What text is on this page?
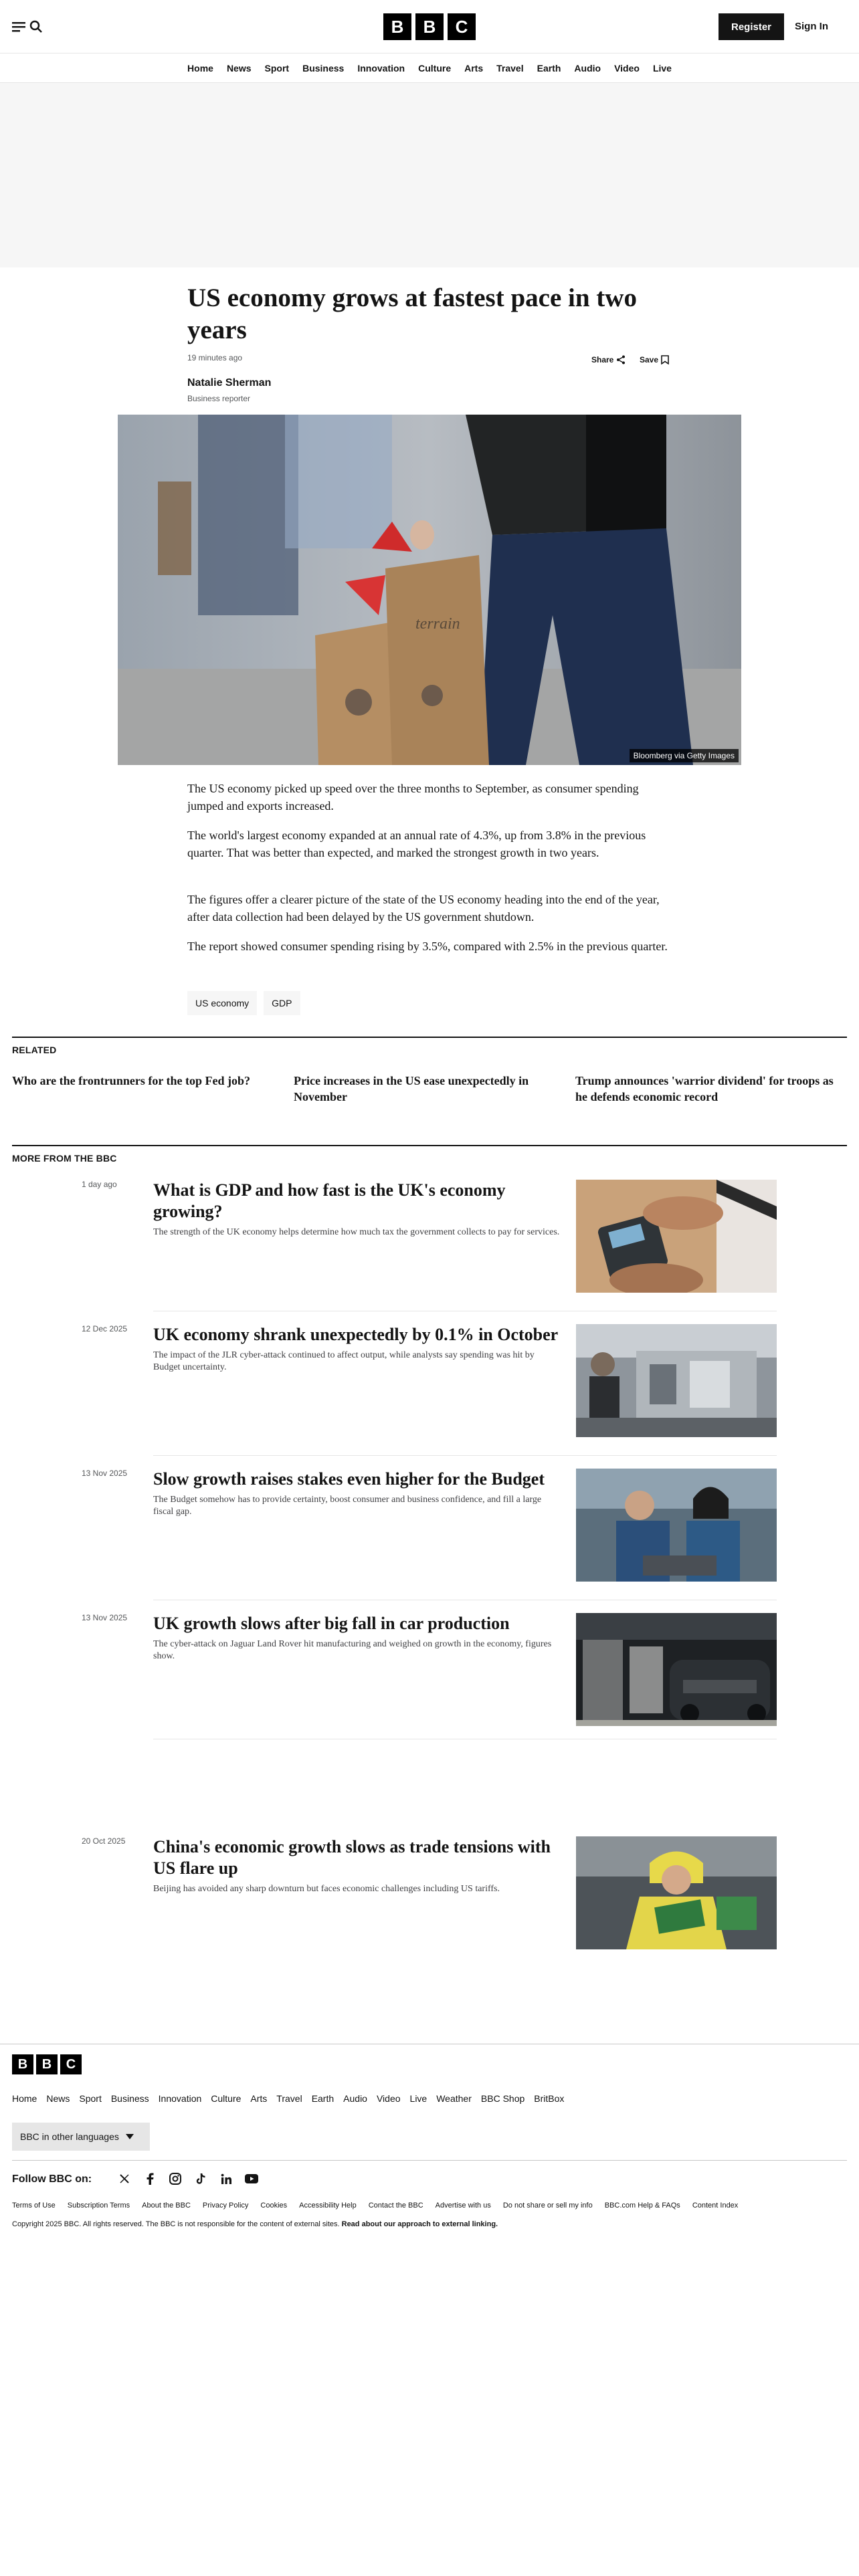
B	B	C	Register	Sign In
Home News Sport Business Innovation Culture Arts Travel Earth Audio Video Live
US economy grows at fastest pace in two years
19 minutes ago	Share	Save
Natalie Sherman
Business reporter
terrain
Bloomberg via Getty Images

The US economy picked up speed over the three months to September, as consumer spending jumped and exports increased.

The world's largest economy expanded at an annual rate of 4.3%, up from 3.8% in the previous quarter. That was better than expected, and marked the strongest growth in two years.

The figures offer a clearer picture of the state of the US economy heading into the end of the year, after data collection had been delayed by the US government shutdown.

The report showed consumer spending rising by 3.5%, compared with 2.5% in the previous quarter.

US economy	GDP
RELATED
Who are the frontrunners for the top Fed job?	Price increases in the US ease unexpectedly in November
Trump announces 'warrior dividend' for troops as he defends economic record
MORE FROM THE BBC
1 day ago What is GDP and how fast is the UK's economy growing?
The strength of the UK economy helps determine how much tax the government collects to pay for services.
12 Dec 2025 UK economy shrank unexpectedly by 0.1% in October
The impact of the JLR cyber-attack continued to affect output, while analysts say spending was hit by Budget uncertainty.
13 Nov 2025 Slow growth raises stakes even higher for the Budget
The Budget somehow has to provide certainty, boost consumer and business confidence, and fill a large fiscal gap.
13 Nov 2025 UK growth slows after big fall in car production
The cyber-attack on Jaguar Land Rover hit manufacturing and weighed on growth in the economy, figures show.
20 Oct 2025 China's economic growth slows as trade tensions with US flare up
Beijing has avoided any sharp downturn but faces economic challenges including US tariffs.
B	B	C
Home News Sport Business Innovation Culture Arts Travel Earth Audio Video Live Weather BBC Shop BritBox
BBC in other languages
Follow BBC on:
Terms of Use Subscription Terms About the BBC Privacy Policy Cookies Accessibility Help Contact the BBC Advertise with us Do not share or sell my info BBC.com Help & FAQs Content Index
Copyright 2025 BBC. All rights reserved. The BBC is not responsible for the content of external sites. Read about our approach to external linking.
